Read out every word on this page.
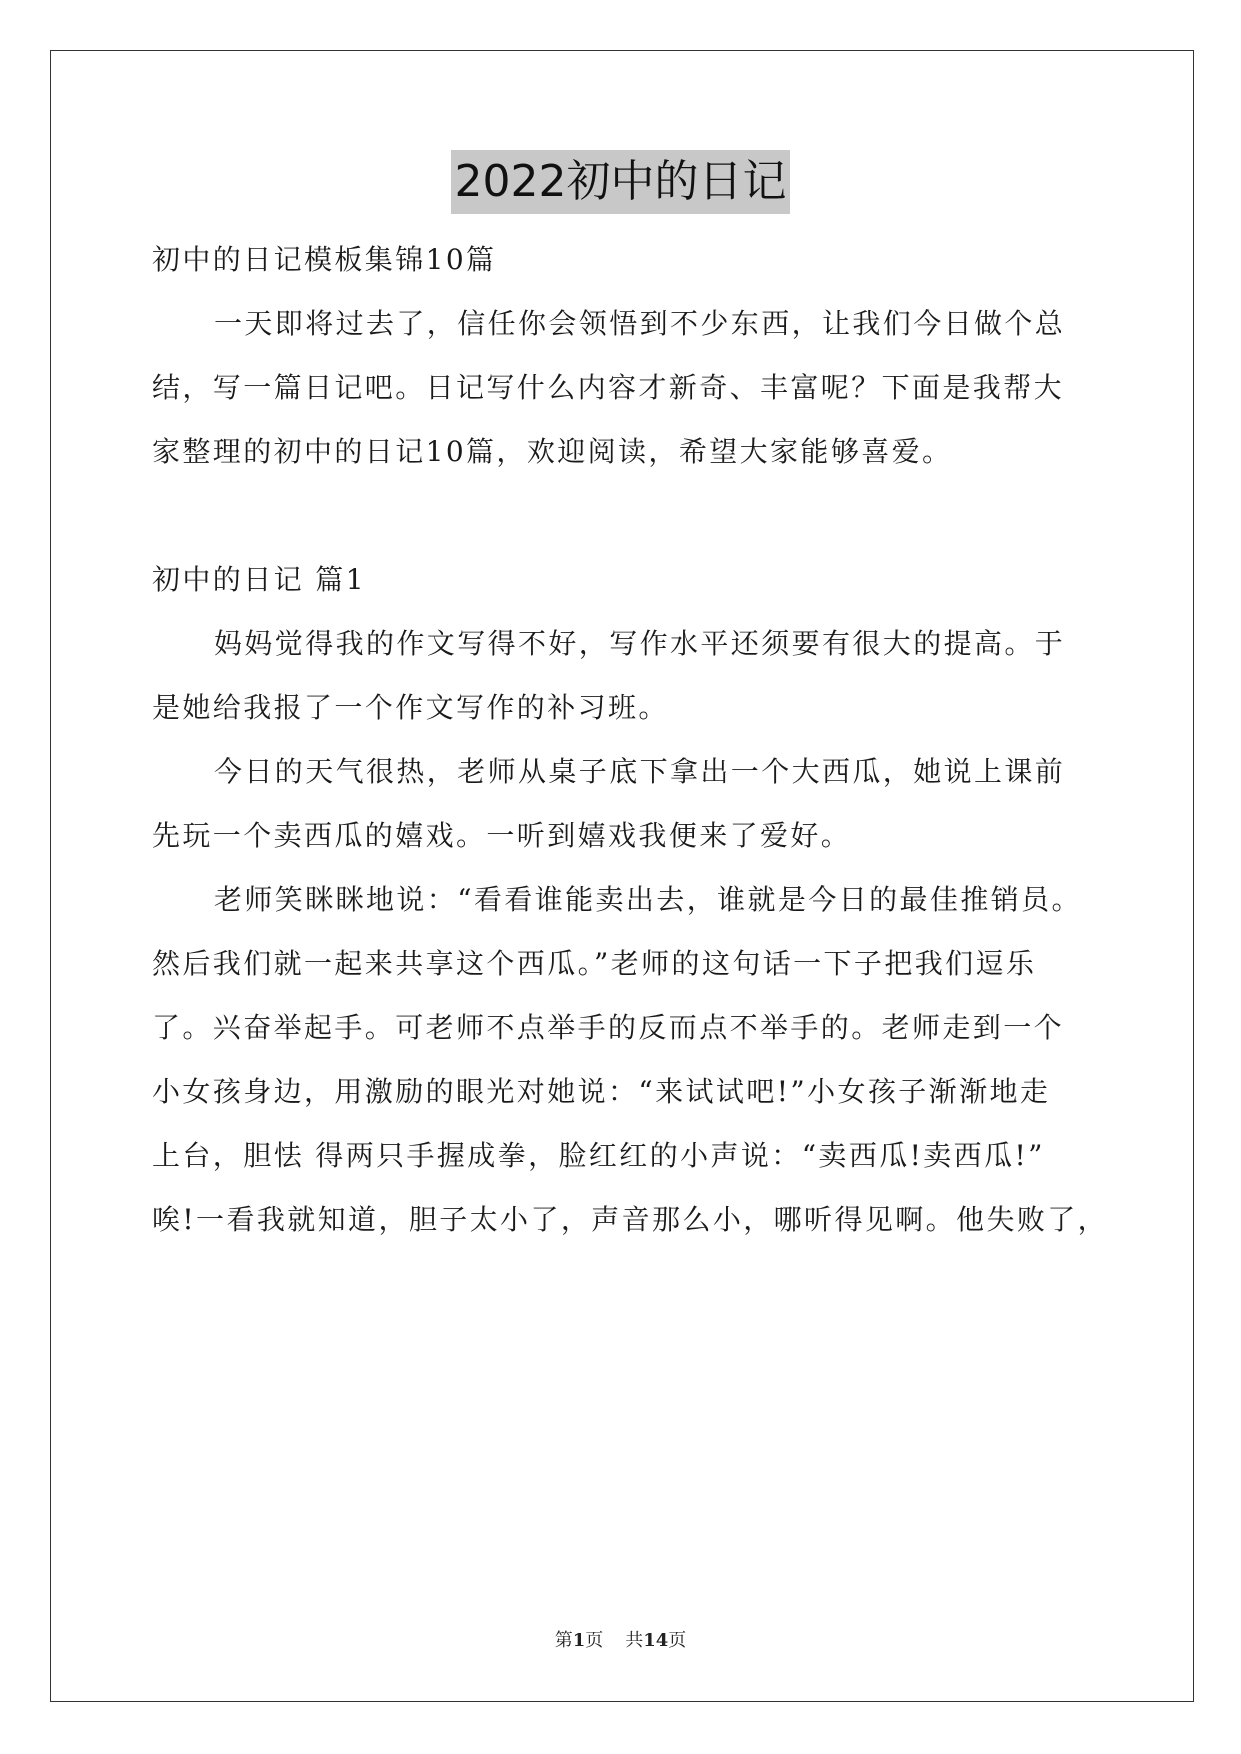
2022初中的日记
初中的日记模板集锦10篇
一天即将过去了，信任你会领悟到不少东西，让我们今日做个总
结，写一篇日记吧。日记写什么内容才新奇、丰富呢？下面是我帮大
家整理的初中的日记10篇，欢迎阅读，希望大家能够喜爱。
初中的日记 篇1
妈妈觉得我的作文写得不好，写作水平还须要有很大的提高。于
是她给我报了一个作文写作的补习班。
今日的天气很热，老师从桌子底下拿出一个大西瓜，她说上课前
先玩一个卖西瓜的嬉戏。一听到嬉戏我便来了爱好。
老师笑眯眯地说：“看看谁能卖出去，谁就是今日的最佳推销员。
然后我们就一起来共享这个西瓜。”老师的这句话一下子把我们逗乐
了。兴奋举起手。可老师不点举手的反而点不举手的。老师走到一个
小女孩身边，用激励的眼光对她说：“来试试吧!”小女孩子渐渐地走
上台，胆怯 得两只手握成拳，脸红红的小声说：“卖西瓜!卖西瓜!”
唉!一看我就知道，胆子太小了，声音那么小，哪听得见啊。他失败了，
第1页 共14页
